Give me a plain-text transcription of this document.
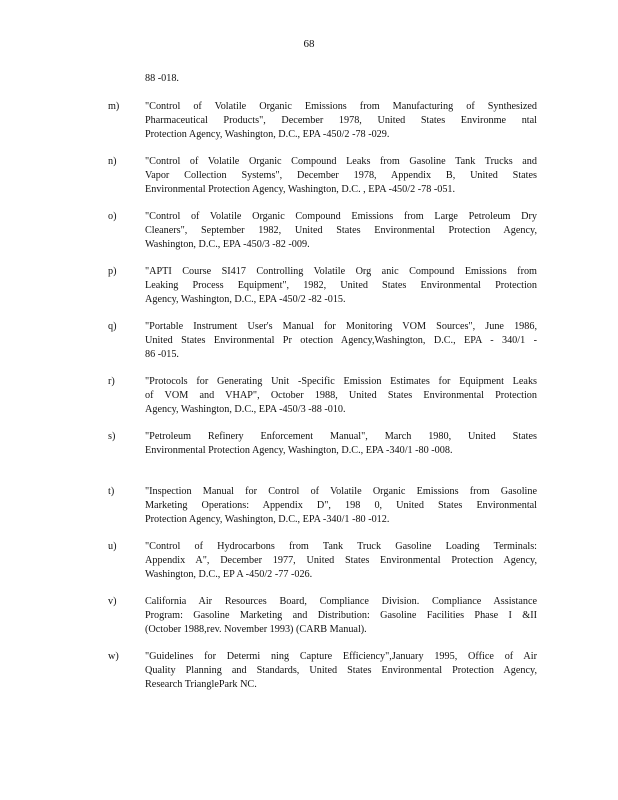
68
88 -018.
m)	"Control of Volatile Organic Emissions from Manufacturing of Synthesized
Pharmaceutical Products", December 1978, United States Environme ntal
Protection Agency, Washington, D.C., EPA -450/2 -78 -029.
n)	"Control of Volatile Organic Compound Leaks from Gasoline Tank Trucks and
Vapor Collection Systems", December 1978, Appendix B, United States
Environmental Protection Agency, Washington, D.C. , EPA -450/2 -78 -051.
o)	"Control of Volatile Organic Compound Emissions from Large Petroleum Dry
Cleaners", September 1982, United States Environmental Protection Agency,
Washington, D.C., EPA -450/3 -82 -009.
p)	"APTI Course SI417 Controlling Volatile Org anic Compound Emissions from
Leaking Process Equipment", 1982, United States Environmental Protection
Agency, Washington, D.C., EPA -450/2 -82 -015.
q)	"Portable Instrument User's Manual for Monitoring VOM Sources", June 1986,
United States Environmental Pr otection Agency,Washington, D.C., EPA - 340/1 -
86 -015.
r)	"Protocols for Generating Unit -Specific Emission Estimates for Equipment Leaks
of VOM and VHAP", October 1988, United States Environmental Protection
Agency, Washington, D.C., EPA -450/3 -88 -010.
s)	"Petroleum Refinery Enforcement Manual", March 1980, United States
Environmental Protection Agency, Washington, D.C., EPA -340/1 -80 -008.
t)	"Inspection Manual for Control of Volatile Organic Emissions from Gasoline
Marketing Operations: Appendix D", 198 0, United States Environmental
Protection Agency, Washington, D.C., EPA -340/1 -80 -012.
u)	"Control of Hydrocarbons from Tank Truck Gasoline Loading Terminals:
Appendix A", December 1977, United States Environmental Protection Agency,
Washington, D.C., EP A -450/2 -77 -026.
v)	California Air Resources Board, Compliance Division. Compliance Assistance
Program: Gasoline Marketing and Distribution: Gasoline Facilities Phase I &II
(October 1988,rev. November 1993) (CARB Manual).
w)	"Guidelines for Determi ning Capture Efficiency",January 1995, Office of Air
Quality Planning and Standards, United States Environmental Protection Agency,
Research TrianglePark NC.
